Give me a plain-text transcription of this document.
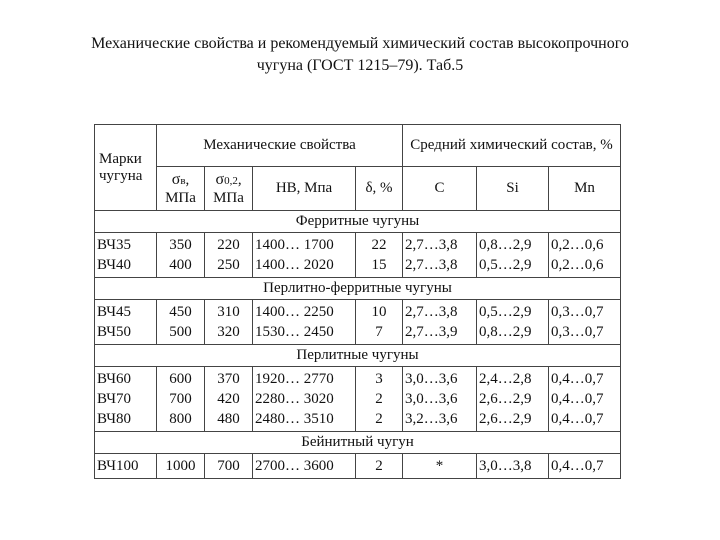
Механические свойства и рекомендуемый химический состав высокопрочного
чугуна (ГОСТ 1215–79). Таб.5
Марки чугуна	Механические свойства				Средний химический состав, %		
	σв, МПа	σ0,2, МПа	HB, Мпа	δ, %	C	Si	Mn
Ферритные чугуны							
ВЧ35	350	220	1400… 1700	22	2,7…3,8	0,8…2,9	0,2…0,6
ВЧ40	400	250	1400… 2020	15	2,7…3,8	0,5…2,9	0,2…0,6
Перлитно-ферритные чугуны							
ВЧ45	450	310	1400… 2250	10	2,7…3,8	0,5…2,9	0,3…0,7
ВЧ50	500	320	1530… 2450	7	2,7…3,9	0,8…2,9	0,3…0,7
Перлитные чугуны							
ВЧ60	600	370	1920… 2770	3	3,0…3,6	2,4…2,8	0,4…0,7
ВЧ70	700	420	2280… 3020	2	3,0…3,6	2,6…2,9	0,4…0,7
ВЧ80	800	480	2480… 3510	2	3,2…3,6	2,6…2,9	0,4…0,7
Бейнитный чугун							
ВЧ100	1000	700	2700… 3600	2	*	3,0…3,8	0,4…0,7
